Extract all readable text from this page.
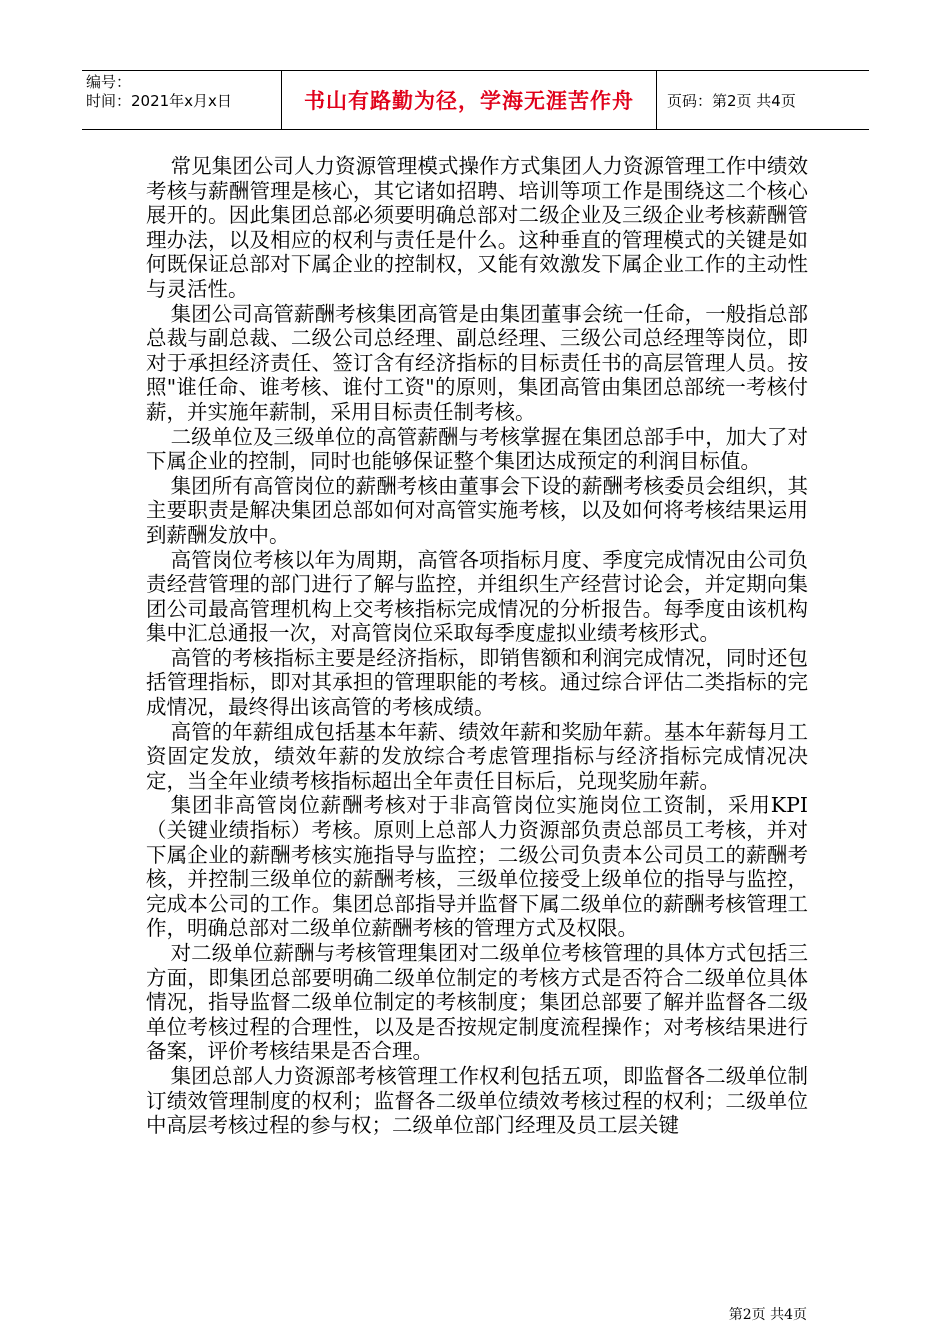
编号：
时间：2021年x月x日	书山有路勤为径，学海无涯苦作舟	页码：第2页 共4页

常见集团公司人力资源管理模式操作方式集团人力资源管理工作中绩效考核与薪酬管理是核心，其它诸如招聘、培训等项工作是围绕这二个核心展开的。因此集团总部必须要明确总部对二级企业及三级企业考核薪酬管理办法，以及相应的权利与责任是什么。这种垂直的管理模式的关键是如何既保证总部对下属企业的控制权，又能有效激发下属企业工作的主动性与灵活性。

集团公司高管薪酬考核集团高管是由集团董事会统一任命，一般指总部总裁与副总裁、二级公司总经理、副总经理、三级公司总经理等岗位，即对于承担经济责任、签订含有经济指标的目标责任书的高层管理人员。按照"谁任命、谁考核、谁付工资"的原则，集团高管由集团总部统一考核付薪，并实施年薪制，采用目标责任制考核。

二级单位及三级单位的高管薪酬与考核掌握在集团总部手中，加大了对下属企业的控制，同时也能够保证整个集团达成预定的利润目标值。

集团所有高管岗位的薪酬考核由董事会下设的薪酬考核委员会组织，其主要职责是解决集团总部如何对高管实施考核，以及如何将考核结果运用到薪酬发放中。

高管岗位考核以年为周期，高管各项指标月度、季度完成情况由公司负责经营管理的部门进行了解与监控，并组织生产经营讨论会，并定期向集团公司最高管理机构上交考核指标完成情况的分析报告。每季度由该机构集中汇总通报一次，对高管岗位采取每季度虚拟业绩考核形式。

高管的考核指标主要是经济指标，即销售额和利润完成情况，同时还包括管理指标，即对其承担的管理职能的考核。通过综合评估二类指标的完成情况，最终得出该高管的考核成绩。

高管的年薪组成包括基本年薪、绩效年薪和奖励年薪。基本年薪每月工资固定发放，绩效年薪的发放综合考虑管理指标与经济指标完成情况决定，当全年业绩考核指标超出全年责任目标后，兑现奖励年薪。

集团非高管岗位薪酬考核对于非高管岗位实施岗位工资制，采用KPI（关键业绩指标）考核。原则上总部人力资源部负责总部员工考核，并对下属企业的薪酬考核实施指导与监控；二级公司负责本公司员工的薪酬考核，并控制三级单位的薪酬考核，三级单位接受上级单位的指导与监控，完成本公司的工作。集团总部指导并监督下属二级单位的薪酬考核管理工作，明确总部对二级单位薪酬考核的管理方式及权限。

对二级单位薪酬与考核管理集团对二级单位考核管理的具体方式包括三方面，即集团总部要明确二级单位制定的考核方式是否符合二级单位具体情况，指导监督二级单位制定的考核制度；集团总部要了解并监督各二级单位考核过程的合理性，以及是否按规定制度流程操作；对考核结果进行备案，评价考核结果是否合理。

集团总部人力资源部考核管理工作权利包括五项，即监督各二级单位制订绩效管理制度的权利；监督各二级单位绩效考核过程的权利；二级单位中高层考核过程的参与权；二级单位部门经理及员工层关键

第2页 共4页
